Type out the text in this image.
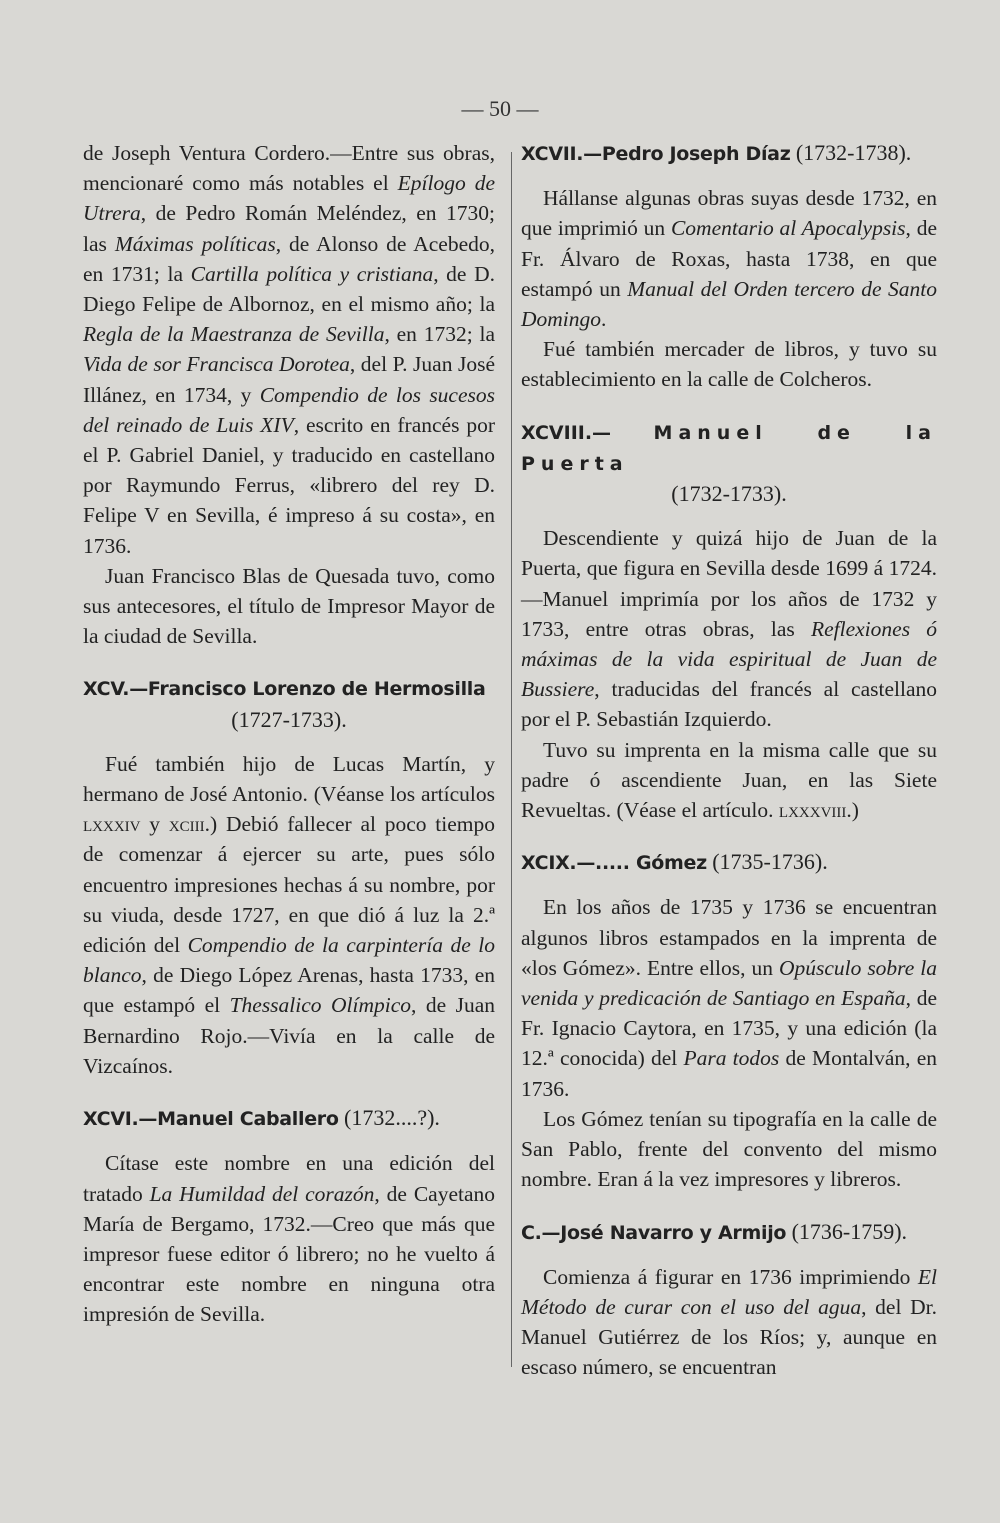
— 50 —

de Joseph Ventura Cordero.—Entre sus obras, mencionaré como más notables el Epílogo de Utrera, de Pedro Román Meléndez, en 1730; las Máximas políticas, de Alonso de Acebedo, en 1731; la Cartilla política y cristiana, de D. Diego Felipe de Albornoz, en el mismo año; la Regla de la Maestranza de Sevilla, en 1732; la Vida de sor Francisca Dorotea, del P. Juan José Illánez, en 1734, y Compendio de los sucesos del reinado de Luis XIV, escrito en francés por el P. Gabriel Daniel, y traducido en castellano por Raymundo Ferrus, «librero del rey D. Felipe V en Sevilla, é impreso á su costa», en 1736.

Juan Francisco Blas de Quesada tuvo, como sus antecesores, el título de Impresor Mayor de la ciudad de Sevilla.

XCV.—Francisco Lorenzo de Hermosilla

(1727-1733).

Fué también hijo de Lucas Martín, y hermano de José Antonio. (Véanse los artículos lxxxiv y xciii.) Debió fallecer al poco tiempo de comenzar á ejercer su arte, pues sólo encuentro impresiones hechas á su nombre, por su viuda, desde 1727, en que dió á luz la 2.ª edición del Compendio de la carpintería de lo blanco, de Diego López Arenas, hasta 1733, en que estampó el Thessalico Olímpico, de Juan Bernardino Rojo.—Vivía en la calle de Vizcaínos.

XCVI.—Manuel Caballero (1732....?).

Cítase este nombre en una edición del tratado La Humildad del corazón, de Cayetano María de Bergamo, 1732.—Creo que más que impresor fuese editor ó librero; no he vuelto á encontrar este nombre en ninguna otra impresión de Sevilla.

XCVII.—Pedro Joseph Díaz (1732-1738).

Hállanse algunas obras suyas desde 1732, en que imprimió un Comentario al Apocalypsis, de Fr. Álvaro de Roxas, hasta 1738, en que estampó un Manual del Orden tercero de Santo Domingo.

Fué también mercader de libros, y tuvo su establecimiento en la calle de Colcheros.

XCVIII.— Manuel de la Puerta

(1732-1733).

Descendiente y quizá hijo de Juan de la Puerta, que figura en Sevilla desde 1699 á 1724.—Manuel imprimía por los años de 1732 y 1733, entre otras obras, las Reflexiones ó máximas de la vida espiritual de Juan de Bussiere, traducidas del francés al castellano por el P. Sebastián Izquierdo.

Tuvo su imprenta en la misma calle que su padre ó ascendiente Juan, en las Siete Revueltas. (Véase el artículo. lxxxviii.)

XCIX.—..... Gómez (1735-1736).

En los años de 1735 y 1736 se encuentran algunos libros estampados en la imprenta de «los Gómez». Entre ellos, un Opúsculo sobre la venida y predicación de Santiago en España, de Fr. Ignacio Caytora, en 1735, y una edición (la 12.ª conocida) del Para todos de Montalván, en 1736.

Los Gómez tenían su tipografía en la calle de San Pablo, frente del convento del mismo nombre. Eran á la vez impresores y libreros.

C.—José Navarro y Armijo (1736-1759).

Comienza á figurar en 1736 imprimiendo El Método de curar con el uso del agua, del Dr. Manuel Gutiérrez de los Ríos; y, aunque en escaso número, se encuentran
